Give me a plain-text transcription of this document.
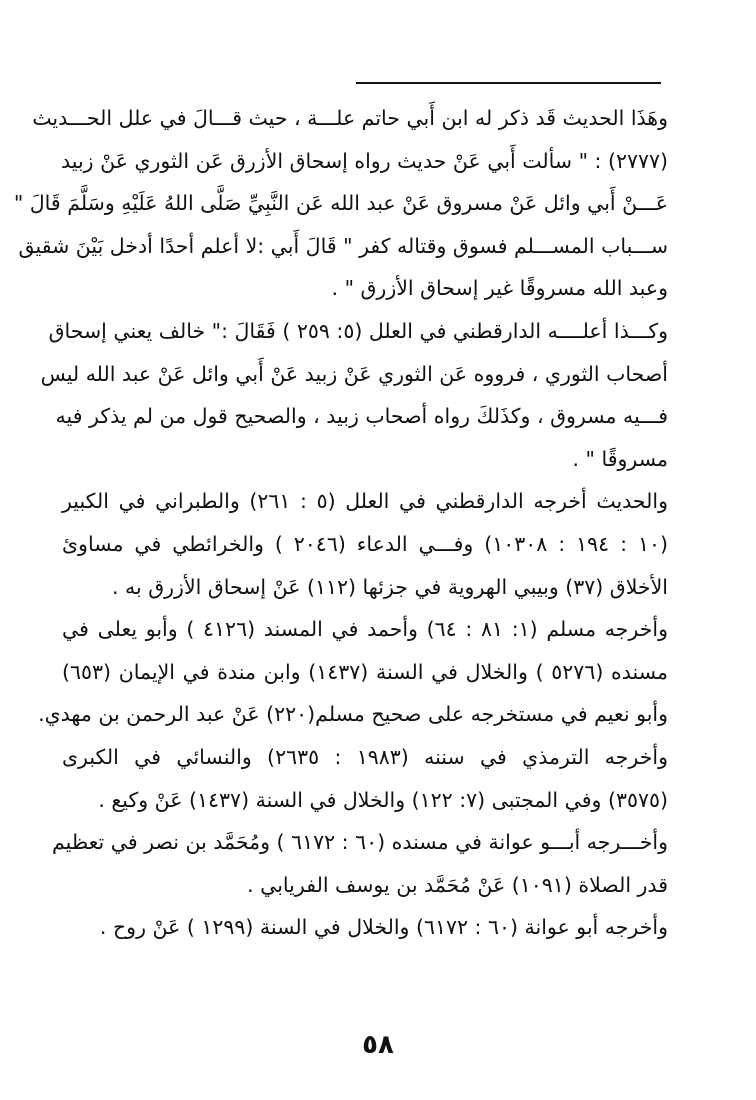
وهَذَا الحديث قَد ذكر له ابن أَبي حاتم علـــة ، حيث قـــالَ في علل الحـــديث
(٢٧٧٧) : " سألت أَبي عَنْ حديث رواه إسحاق الأزرق عَن الثوري عَنْ زبيد
عَـــنْ أَبي وائل عَنْ مسروق عَنْ عبد الله عَن النَّبِيِّ صَلَّى اللهُ عَلَيْهِ وسَلَّمَ قَالَ "
ســـباب المســـلم فسوق وقتاله كفر " قَالَ أَبي :لا أعلم أحدًا أدخل بَيْنَ شقيق
وعبد الله مسروقًا غير إسحاق الأزرق " .
وكـــذا أعلــــه الدارقطني في العلل (٥: ٢٥٩ ) فَقَالَ :" خالف يعني إسحاق
أصحاب الثوري ، فرووه عَن الثوري عَنْ زبيد عَنْ أَبي وائل عَنْ عبد الله ليس
فـــيه مسروق ، وكذَلكَ رواه أصحاب زبيد ، والصحيح قول من لم يذكر فيه
مسروقًا " .
والحديث أخرجه الدارقطني في العلل (٥ : ٢٦١) والطبراني في الكبير
(١٠ : ١٩٤ : ١٠٣٠٨) وفـــي الدعاء (٢٠٤٦ ) والخرائطي في مساوئ
الأخلاق (٣٧) وبيبي الهروية في جزئها (١١٢) عَنْ إسحاق الأزرق به .
وأخرجه مسلم (١: ٨١ : ٦٤) وأحمد في المسند (٤١٢٦ ) وأبو يعلى في
مسنده (٥٢٧٦ ) والخلال في السنة (١٤٣٧) وابن مندة في الإيمان (٦٥٣)
وأبو نعيم في مستخرجه على صحيح مسلم(٢٢٠) عَنْ عبد الرحمن بن مهدي.
وأخرجه الترمذي في سننه (١٩٨٣ : ٢٦٣٥) والنسائي في الكبرى
(٣٥٧٥) وفي المجتبى (٧: ١٢٢) والخلال في السنة (١٤٣٧) عَنْ وكيع .
وأخـــرجه أبـــو عوانة في مسنده (٦٠ : ٦١٧٢ ) ومُحَمَّد بن نصر في تعظيم
قدر الصلاة (١٠٩١) عَنْ مُحَمَّد بن يوسف الفريابي .
وأخرجه أبو عوانة (٦٠ : ٦١٧٢) والخلال في السنة (١٢٩٩ ) عَنْ روح .
٥٨
